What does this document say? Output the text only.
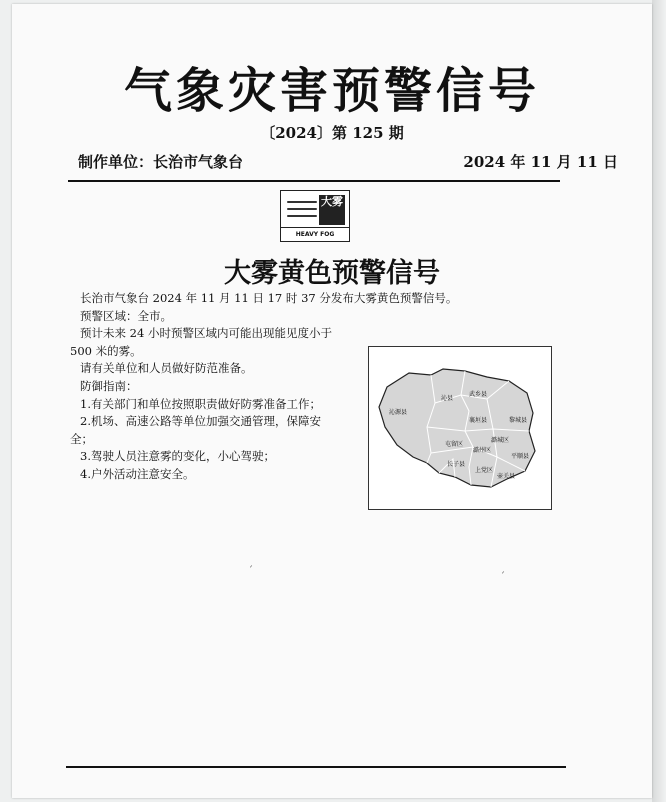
气象灾害预警信号
〔2024〕第 125 期
制作单位：长治市气象台	2024 年 11 月 11 日
大雾
HEAVY FOG
大雾黄色预警信号
长治市气象台 2024 年 11 月 11 日 17 时 37 分发布大雾黄色预警信号。
预警区域：全市。
预计未来 24 小时预警区域内可能出现能见度小于
500 米的雾。
请有关单位和人员做好防范准备。
防御指南：
1.有关部门和单位按照职责做好防雾准备工作；
2.机场、高速公路等单位加强交通管理，保障安
全；
3.驾驶人员注意雾的变化，小心驾驶；
4.户外活动注意安全。
沁源县
沁县
武乡县
襄垣县	黎城县
潞城区
屯留区
上党区
潞州区
平顺县
长子县
壶关县
ˊ
ˊ
